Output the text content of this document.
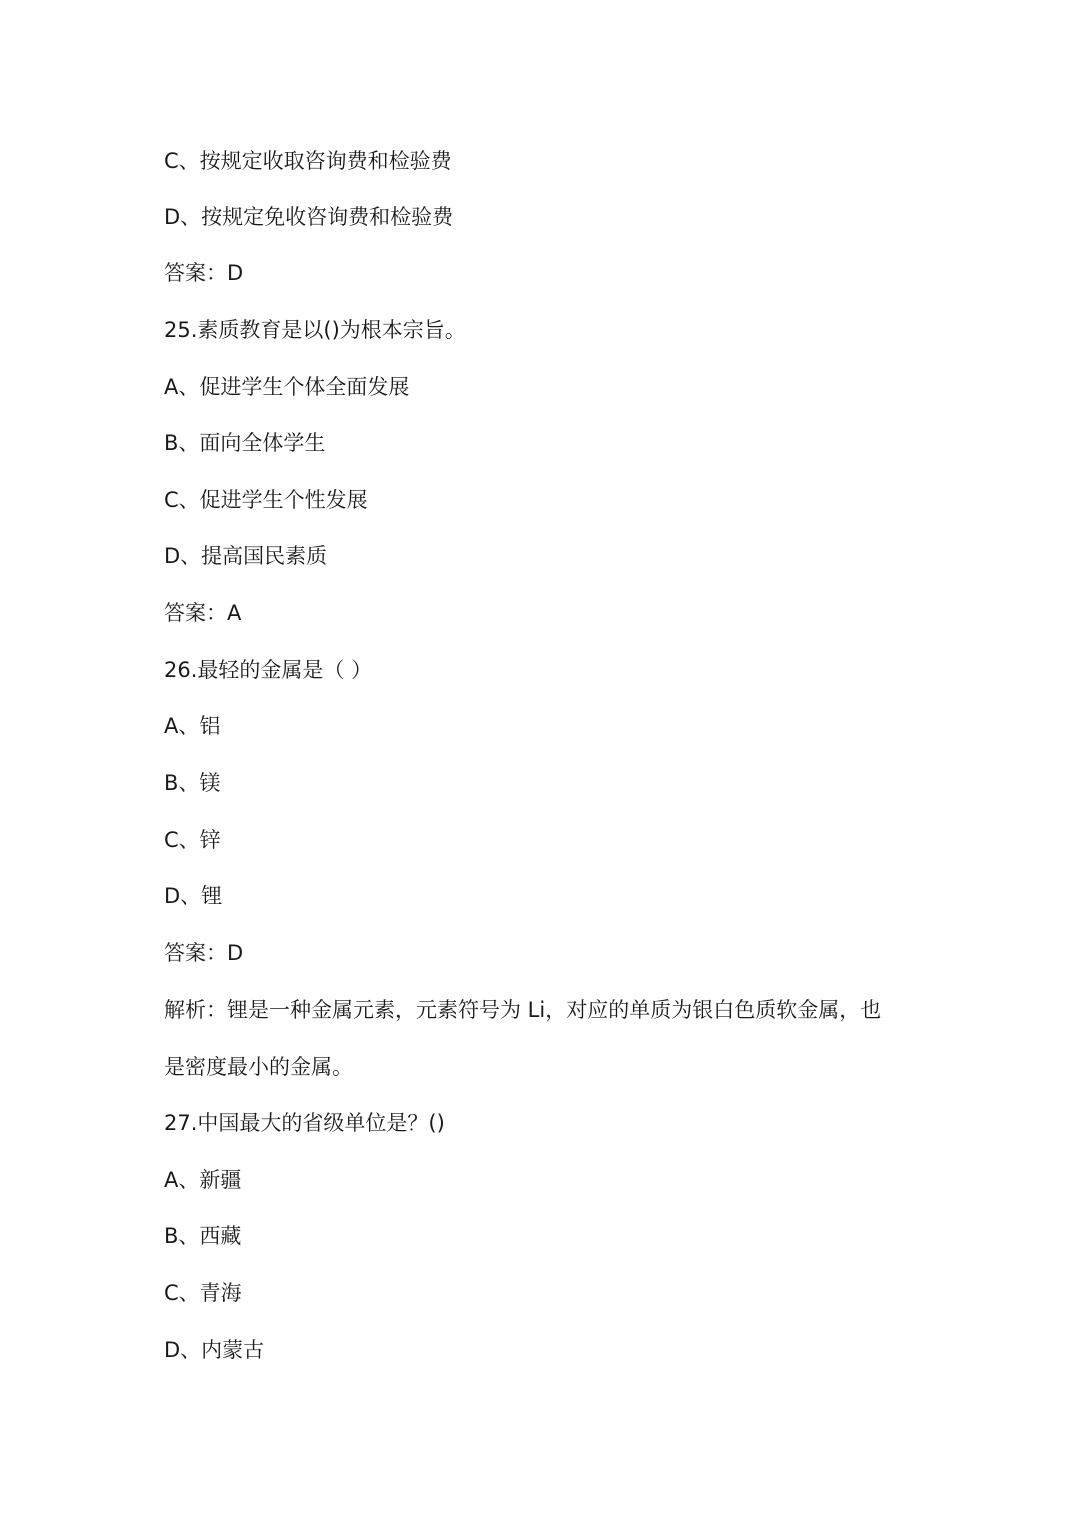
C、按规定收取咨询费和检验费
D、按规定免收咨询费和检验费
答案：D
25.素质教育是以()为根本宗旨。
A、促进学生个体全面发展
B、面向全体学生
C、促进学生个性发展
D、提高国民素质
答案：A
26.最轻的金属是（ ）
A、铝
B、镁
C、锌
D、锂
答案：D
解析：锂是一种金属元素，元素符号为 Li，对应的单质为银白色质软金属，也
是密度最小的金属。
27.中国最大的省级单位是？()
A、新疆
B、西藏
C、青海
D、内蒙古
